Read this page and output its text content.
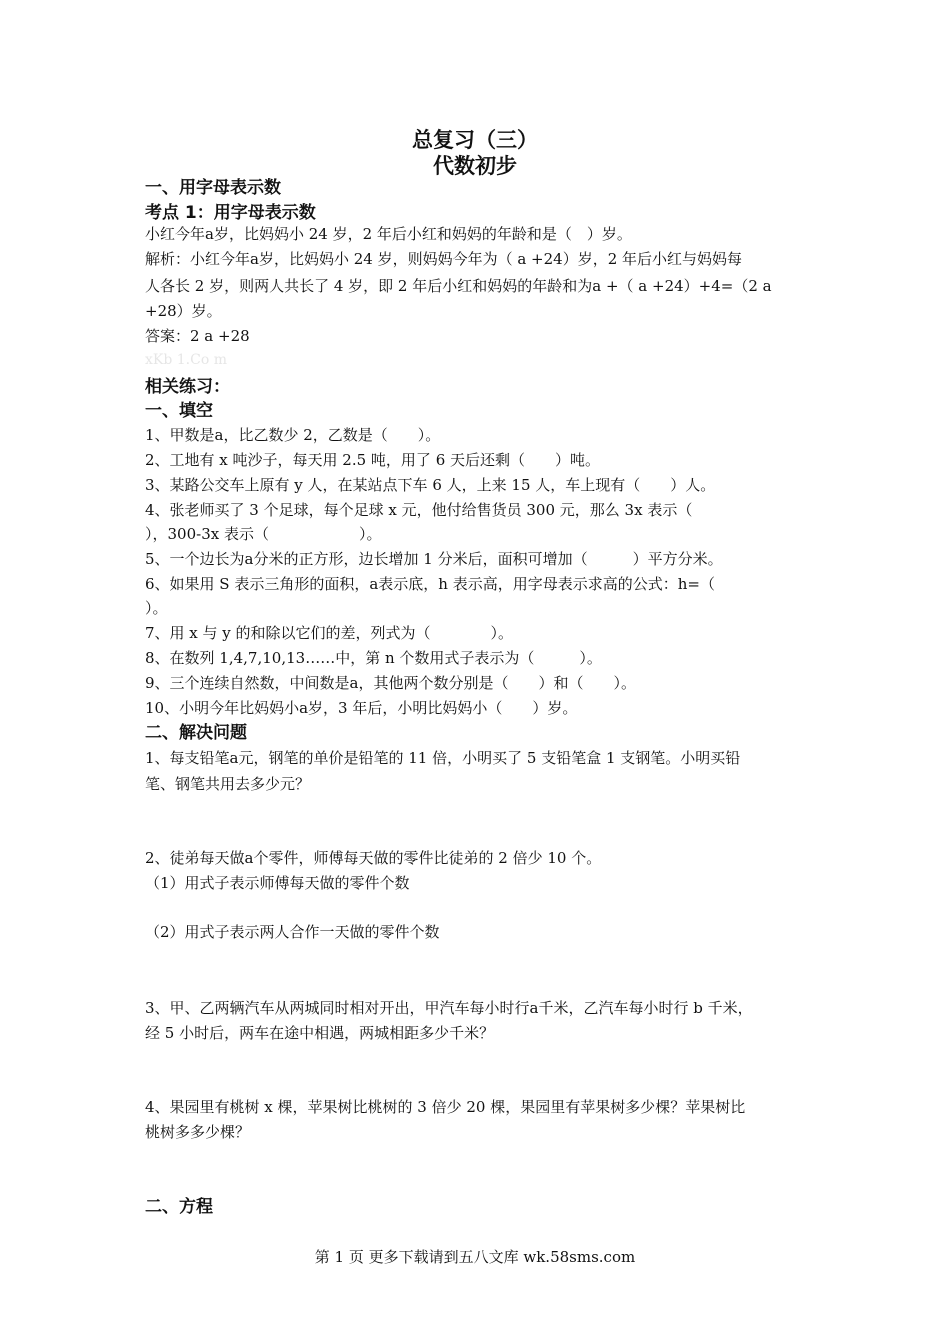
总复习（三）
代数初步
一、用字母表示数
考点 1：用字母表示数
小红今年a岁，比妈妈小 24 岁，2 年后小红和妈妈的年龄和是（　）岁。
解析：小红今年a岁，比妈妈小 24 岁，则妈妈今年为（ a +24）岁，2 年后小红与妈妈每
人各长 2 岁，则两人共长了 4 岁，即 2 年后小红和妈妈的年龄和为a +（ a +24）+4=（2 a
+28）岁。
答案：2 a +28
xKb 1.Co m
相关练习：
一、填空
1、甲数是a，比乙数少 2，乙数是（　　）。
2、工地有 x 吨沙子，每天用 2.5 吨，用了 6 天后还剩（　　）吨。
3、某路公交车上原有 y 人，在某站点下车 6 人，上来 15 人，车上现有（　　）人。
4、张老师买了 3 个足球，每个足球 x 元，他付给售货员 300 元，那么 3x 表示（
），300-3x 表示（　　　　　　）。
5、一个边长为a分米的正方形，边长增加 1 分米后，面积可增加（　　　）平方分米。
6、如果用 S 表示三角形的面积，a表示底，h 表示高，用字母表示求高的公式：h=（
）。
7、用 x 与 y 的和除以它们的差，列式为（　　　　）。
8、在数列 1,4,7,10,13……中，第 n 个数用式子表示为（　　　）。
9、三个连续自然数，中间数是a，其他两个数分别是（　　）和（　　）。
10、小明今年比妈妈小a岁，3 年后，小明比妈妈小（　　）岁。
二、解决问题
1、每支铅笔a元，钢笔的单价是铅笔的 11 倍，小明买了 5 支铅笔盒 1 支钢笔。小明买铅
笔、钢笔共用去多少元？
2、徒弟每天做a个零件，师傅每天做的零件比徒弟的 2 倍少 10 个。
（1）用式子表示师傅每天做的零件个数
（2）用式子表示两人合作一天做的零件个数
3、甲、乙两辆汽车从两城同时相对开出，甲汽车每小时行a千米，乙汽车每小时行 b 千米，
经 5 小时后，两车在途中相遇，两城相距多少千米？
4、果园里有桃树 x 棵，苹果树比桃树的 3 倍少 20 棵，果园里有苹果树多少棵？苹果树比
桃树多多少棵？
二、方程
第 1 页 更多下载请到五八文库 wk.58sms.com
